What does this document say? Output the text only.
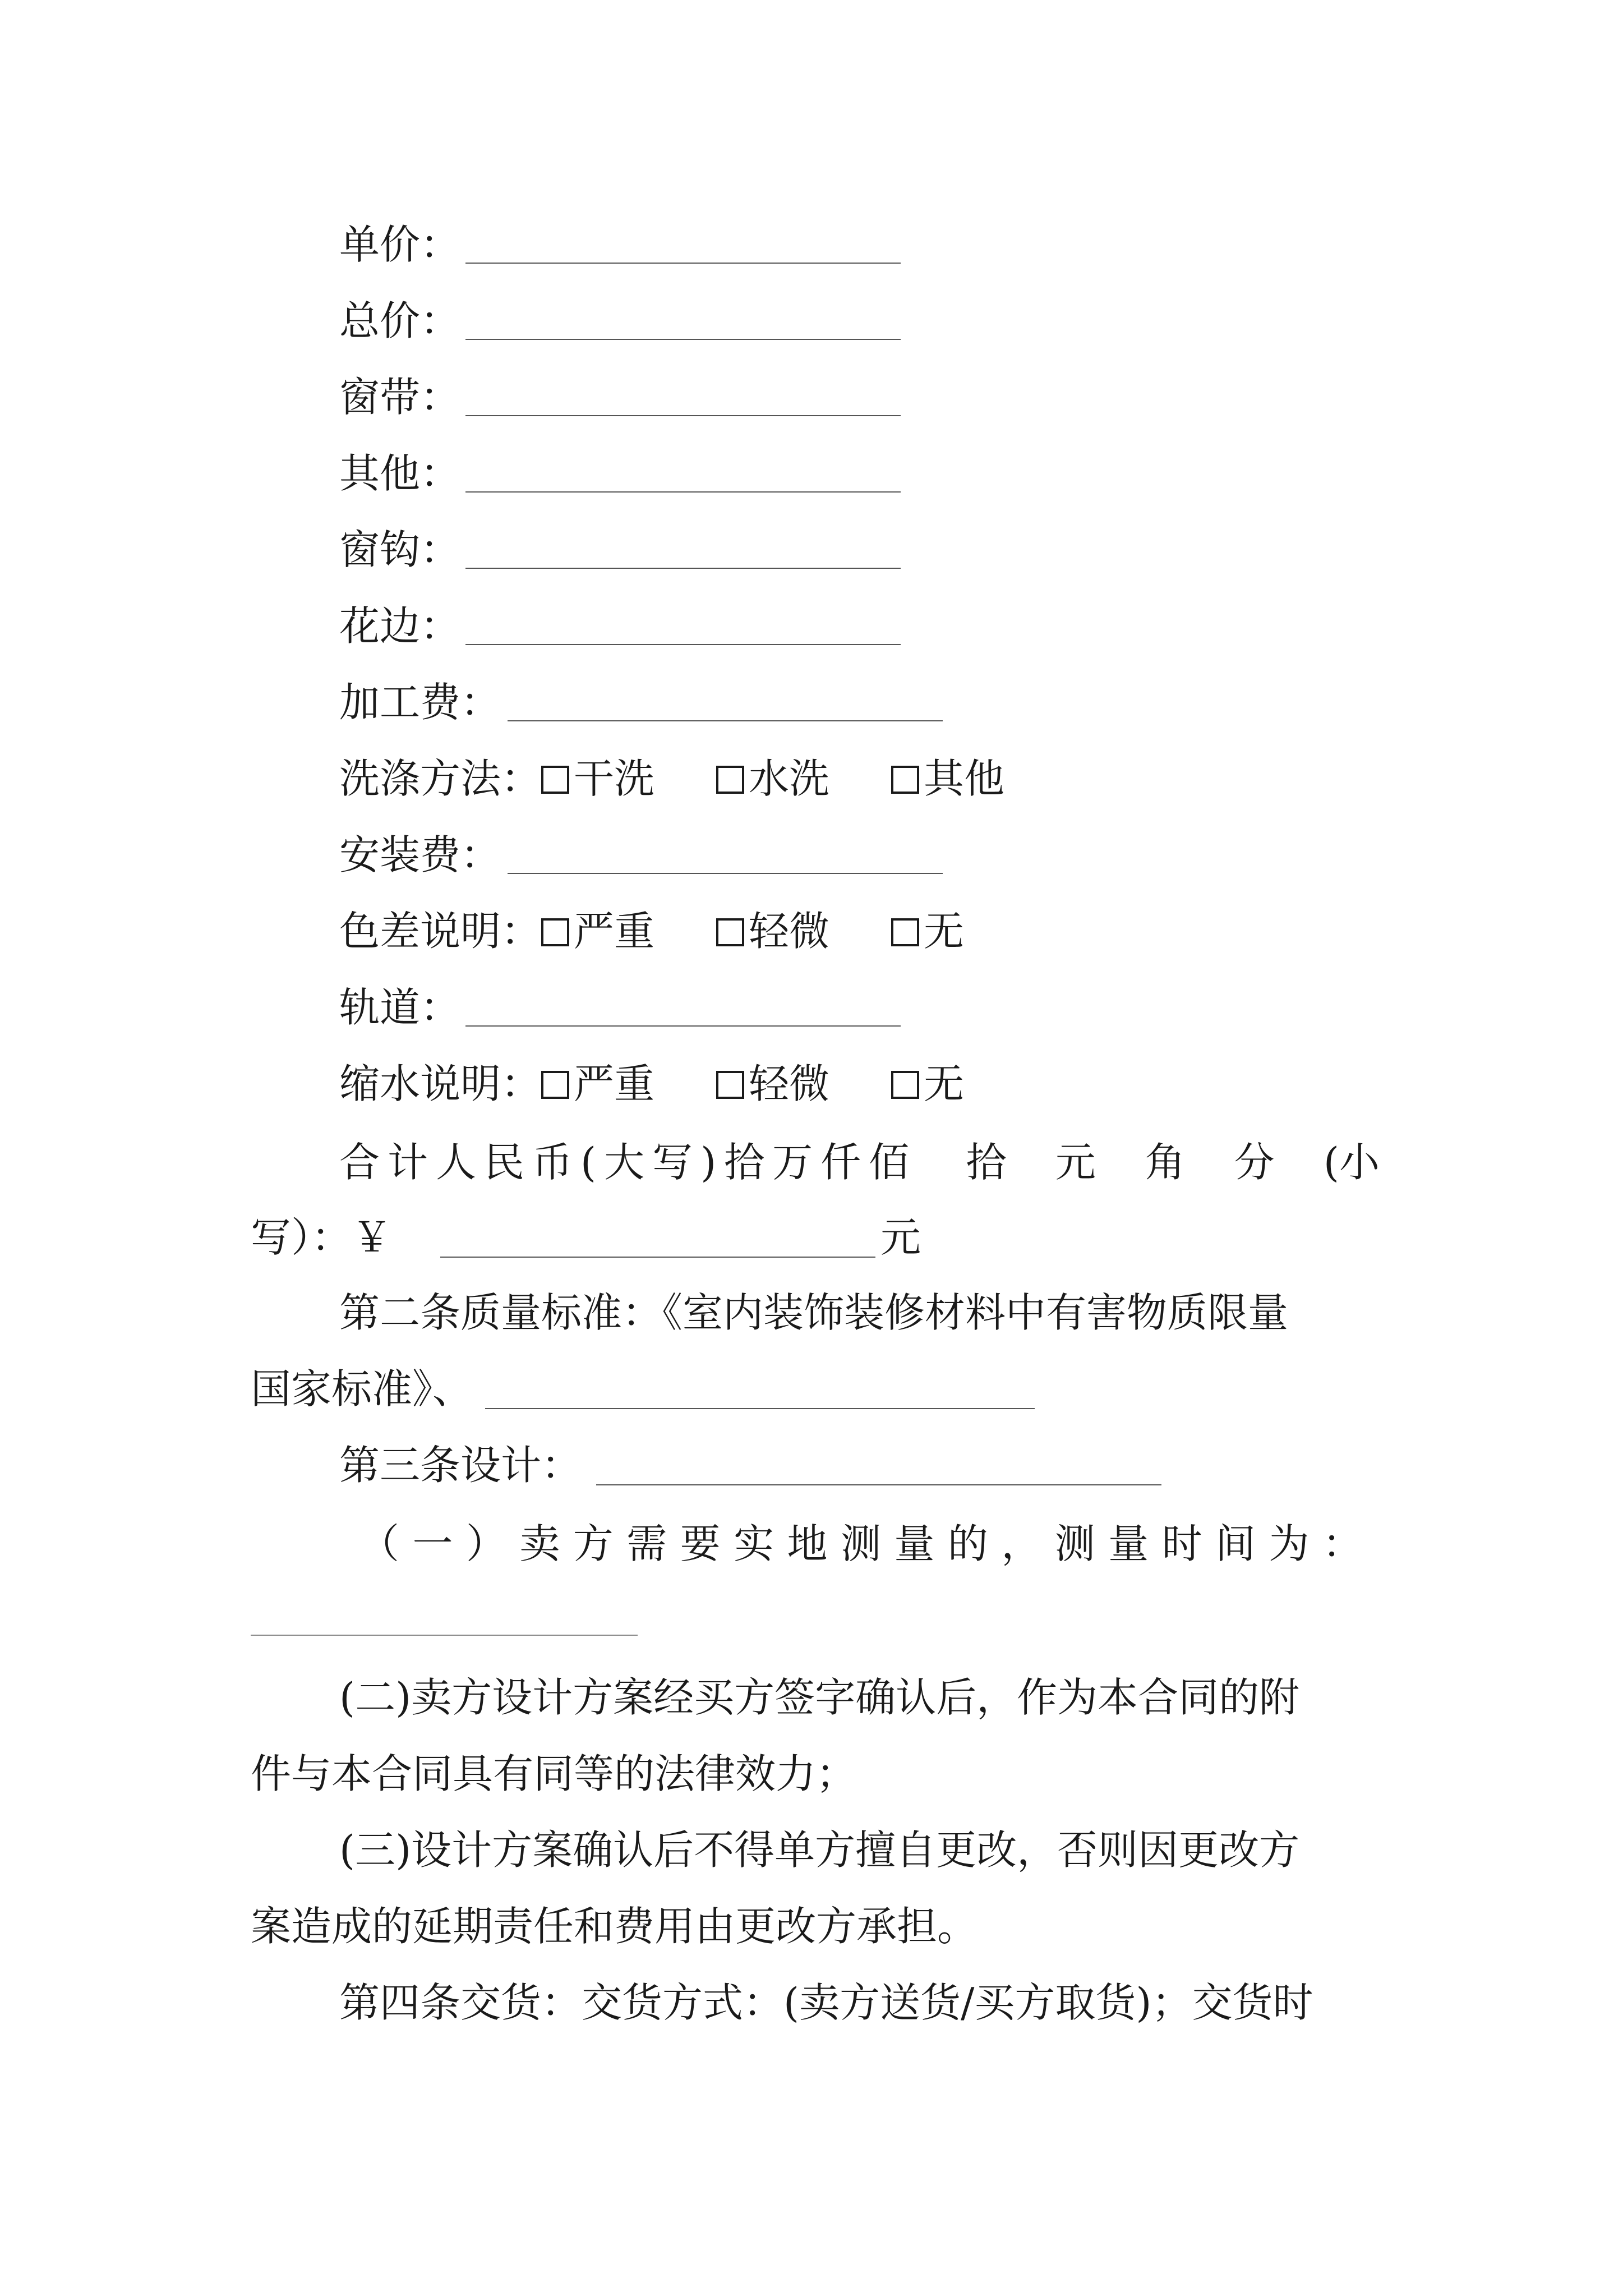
单价：
总价：
窗带：
其他：
窗钩：
花边：
加工费：
洗涤方法： 干洗 水洗 其他
安装费：
色差说明： 严重 轻微 无
轨道：
缩水说明： 严重 轻微 无
合计人民币(大写)拾万仟佰 拾 元 角 分 (小
写）：￥	元
第二条质量标准：《室内装饰装修材料中有害物质限量
国家标准》、
第三条设计：
（ 一 ） 卖 方 需 要 实 地 测 量 的 ， 测 量 时 间 为 ：
(二)卖方设计方案经买方签字确认后，作为本合同的附
件与本合同具有同等的法律效力；
(三)设计方案确认后不得单方擅自更改，否则因更改方
案造成的延期责任和费用由更改方承担。
第四条交货：交货方式：(卖方送货/买方取货)；交货时
